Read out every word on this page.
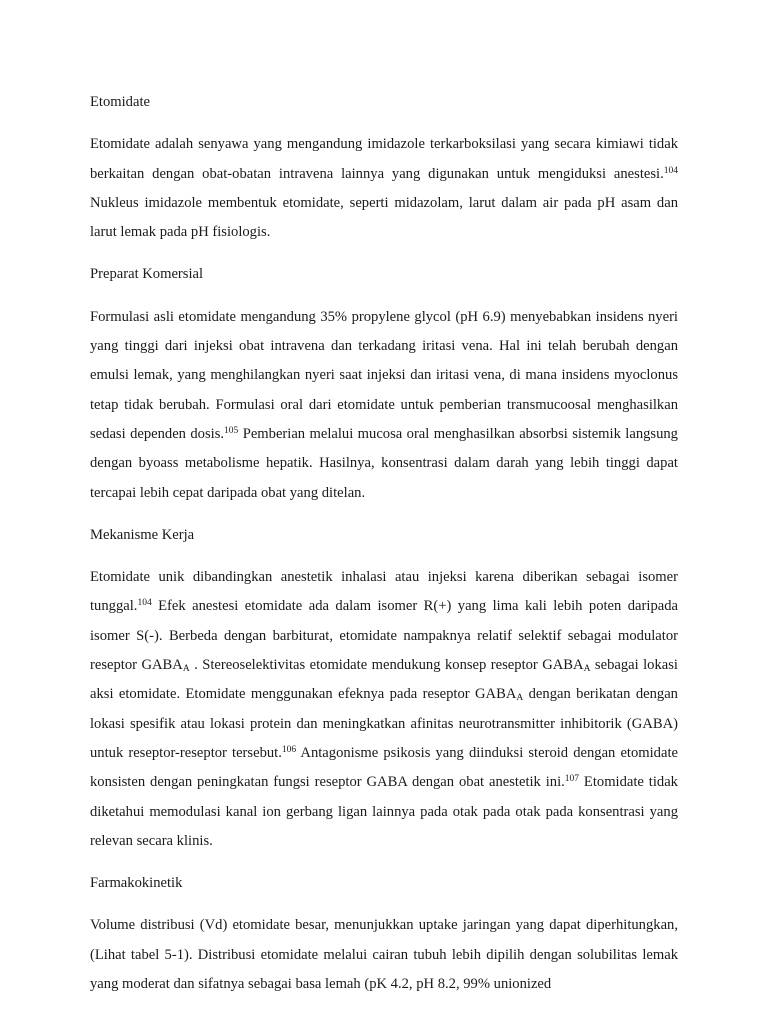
Etomidate

Etomidate adalah senyawa yang mengandung imidazole terkarboksilasi yang secara kimiawi tidak berkaitan dengan obat-obatan intravena lainnya yang digunakan untuk mengiduksi anestesi.$^{104}$ Nukleus imidazole membentuk etomidate, seperti midazolam, larut dalam air pada pH asam dan larut lemak pada pH fisiologis.

Preparat Komersial

Formulasi asli etomidate mengandung 35% propylene glycol (pH 6.9) menyebabkan insidens nyeri yang tinggi dari injeksi obat intravena dan terkadang iritasi vena. Hal ini telah berubah dengan emulsi lemak, yang menghilangkan nyeri saat injeksi dan iritasi vena, di mana insidens myoclonus tetap tidak berubah. Formulasi oral dari etomidate untuk pemberian transmucoosal menghasilkan sedasi dependen dosis.$^{105}$ Pemberian melalui mucosa oral menghasilkan absorbsi sistemik langsung dengan byoass metabolisme hepatik. Hasilnya, konsentrasi dalam darah yang lebih tinggi dapat tercapai lebih cepat daripada obat yang ditelan.

Mekanisme Kerja

Etomidate unik dibandingkan anestetik inhalasi atau injeksi karena diberikan sebagai isomer tunggal.$^{104}$ Efek anestesi etomidate ada dalam isomer R(+) yang lima kali lebih poten daripada isomer S(-). Berbeda dengan barbiturat, etomidate nampaknya relatif selektif sebagai modulator reseptor $GABA_A$ . Stereoselektivitas etomidate mendukung konsep reseptor $GABA_A$ sebagai lokasi aksi etomidate. Etomidate menggunakan efeknya pada reseptor $GABA_A$ dengan berikatan dengan lokasi spesifik atau lokasi protein dan meningkatkan afinitas neurotransmitter inhibitorik (GABA) untuk reseptor-reseptor tersebut.$^{106}$ Antagonisme psikosis yang diinduksi steroid dengan etomidate konsisten dengan peningkatan fungsi reseptor GABA dengan obat anestetik ini.$^{107}$ Etomidate tidak diketahui memodulasi kanal ion gerbang ligan lainnya pada otak pada otak pada konsentrasi yang relevan secara klinis.

Farmakokinetik

Volume distribusi (Vd) etomidate besar, menunjukkan uptake jaringan yang dapat diperhitungkan, (Lihat tabel 5-1). Distribusi etomidate melalui cairan tubuh lebih dipilih dengan solubilitas lemak yang moderat dan sifatnya sebagai basa lemah (pK 4.2, pH 8.2, 99% unionized
